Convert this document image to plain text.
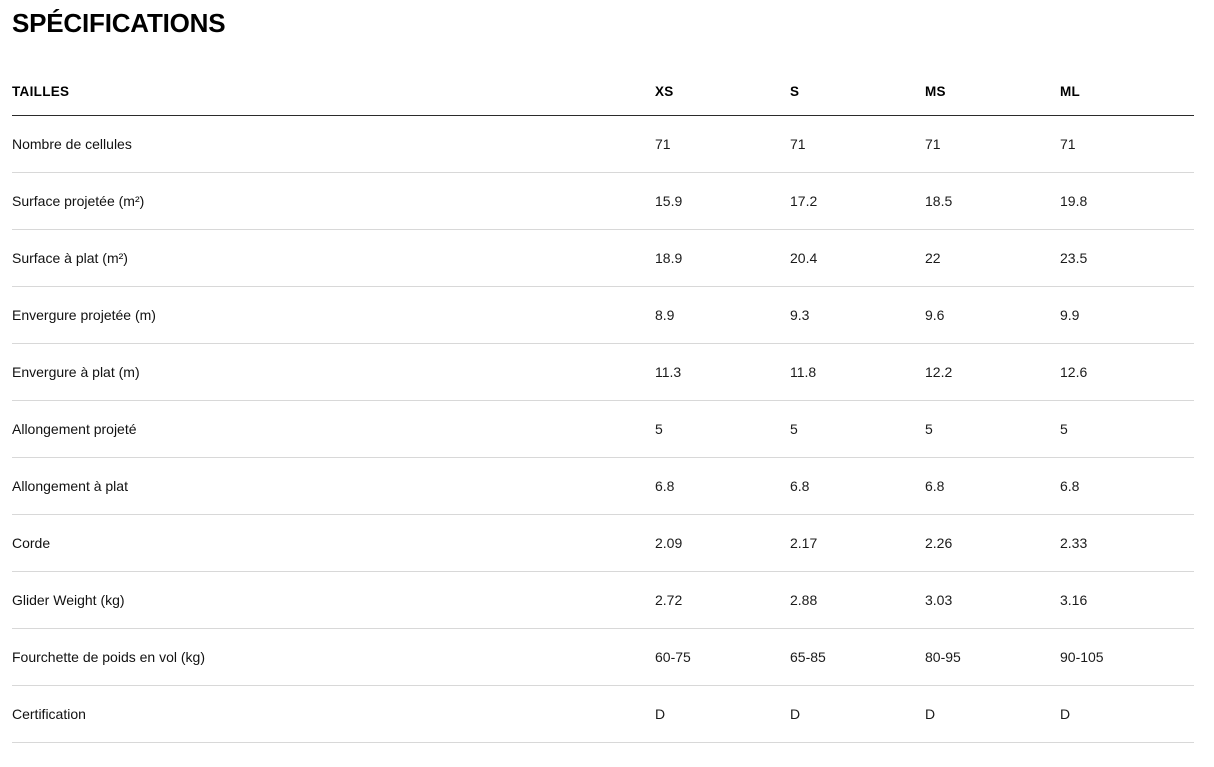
SPÉCIFICATIONS
TAILLES	XS	S	MS	ML
Nombre de cellules	71	71	71	71
Surface projetée (m²)	15.9	17.2	18.5	19.8
Surface à plat (m²)	18.9	20.4	22	23.5
Envergure projetée (m)	8.9	9.3	9.6	9.9
Envergure à plat (m)	11.3	11.8	12.2	12.6
Allongement projeté	5	5	5	5
Allongement à plat	6.8	6.8	6.8	6.8
Corde	2.09	2.17	2.26	2.33
Glider Weight (kg)	2.72	2.88	3.03	3.16
Fourchette de poids en vol (kg)	60-75	65-85	80-95	90-105
Certification	D	D	D	D
